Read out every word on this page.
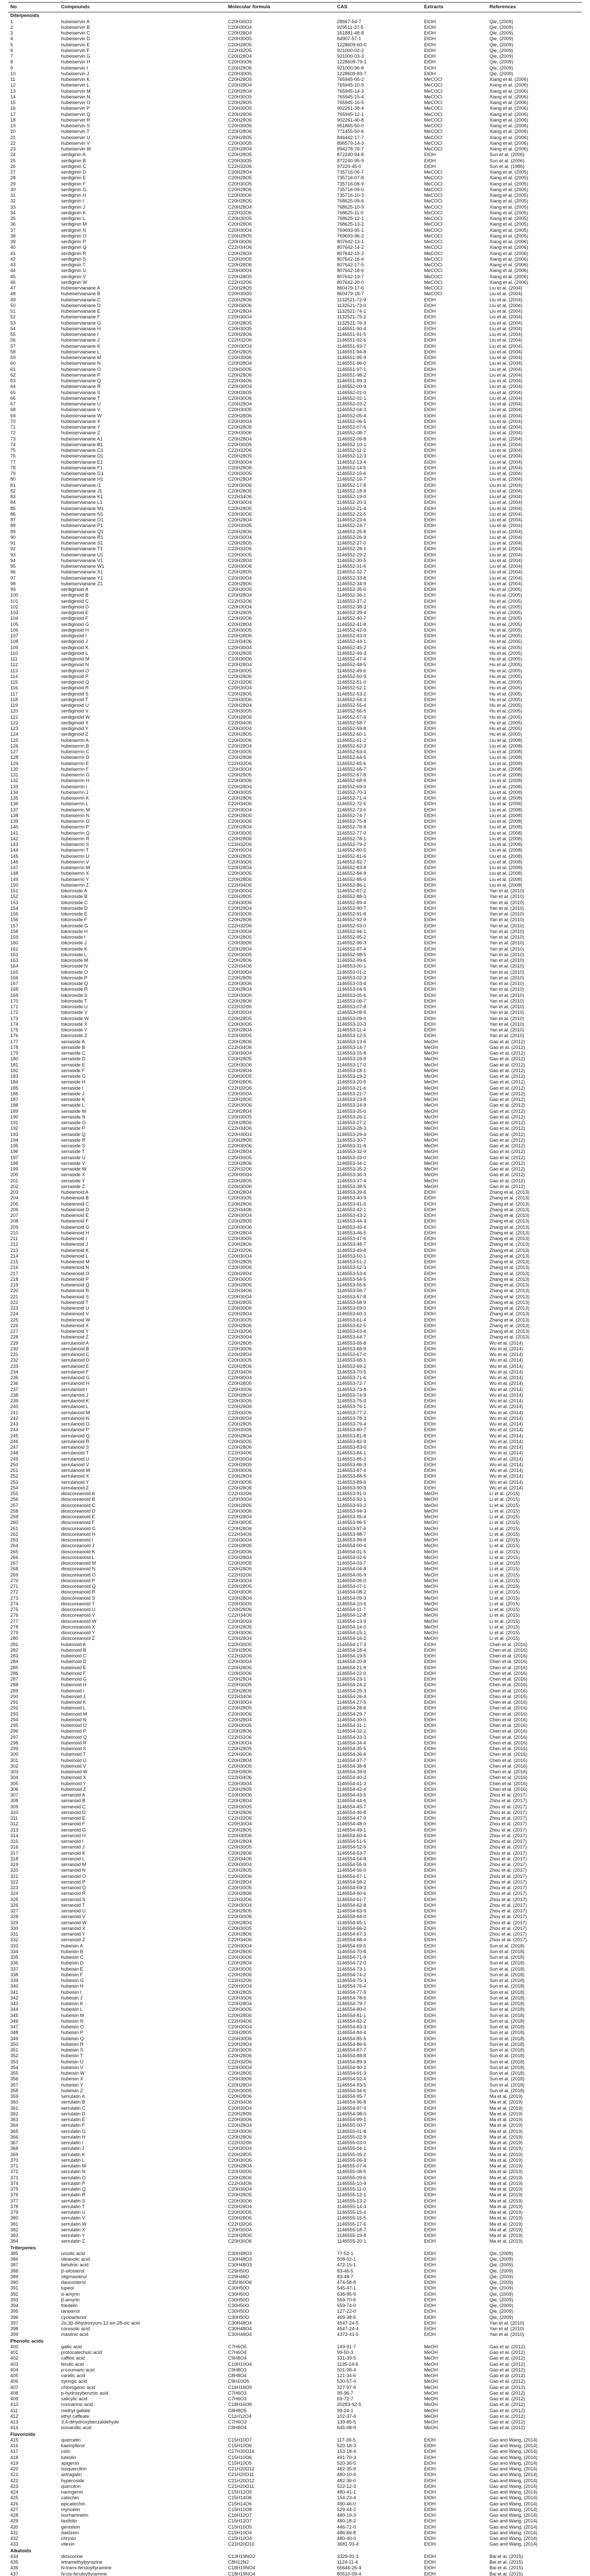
No	Compounds	Molecular formula	CAS	Extracts	References
Diterpenoids					
1	hubeiservin A	C20H30O3	28667-54-7	EtOH	Qie, (2009)
2	hubeiservin B	C20H30O4	929511-37-5	EtOH	Qie, (2009)
3	hubeiservin C	C20H28O4	161881-48-8	EtOH	Qie, (2009)
4	hubeiservin D	C20H30O5	84907-57-1	EtOH	Qie, (2009)
5	hubeiservin E	C20H28O5	1228609-60-0	EtOH	Qie, (2009)
6	hubeiservin F	C22H32O5	921000-02-2	EtOH	Qie, (2009)
7	hubeiservin G	C20H28O4	921000-03-3	EtOH	Qie, (2009)
8	hubeiservin H	C20H30O6	1228609-79-1	EtOH	Qie, (2009)
9	hubeiservin I	C20H28O6	921000-96-8	EtOH	Qie, (2009)
10	hubeiservin J	C20H30O5	1228609-83-7	EtOH	Qie, (2009)
11	hubeiservin K	C20H28O5	765945-05-2	MeCOCl	Xiang et al. (2006)
12	hubeiservin L	C20H28O4	765945-10-9	MeCOCl	Xiang et al. (2006)
13	hubeiservin M	C20H28O4	765945-14-3	MeCOCl	Xiang et al. (2006)
14	hubeiservin N	C20H30O5	765945-15-4	MeCOCl	Xiang et al. (2006)
15	hubeiservin O	C20H28O5	765945-16-5	MeCOCl	Xiang et al. (2006)
16	hubeiservin P	C20H30O5	902261-38-4	MeCOCl	Xiang et al. (2006)
17	hubeiservin Q	C20H28O6	765945-12-1	MeCOCl	Xiang et al. (2006)
18	hubeiservin R	C20H28O6	902261-40-8	MeCOCl	Xiang et al. (2006)
19	hubeiservin S	C20H30O6	951865-50-0	MeCOCl	Xiang et al. (2006)
20	hubeiservin T	C20H28O6	771455-50-6	MeCOCl	Xiang et al. (2006)
21	hubeiservin U	C20H28O5	846442-17-7	MeCOCl	Xiang et al. (2006)
22	hubeiservin V	C20H30O5	896579-14-3	MeCOCl	Xiang et al. (2006)
23	hubeiservin W	C20H28O4	894278-78-7	MeCOCl	Xiang et al. (2006)
24	serdiginin A	C20H28O5	872240-94-8	EtOH	Sun et al. (2006)
25	serdiginin B	C20H30O5	872240-95-9	EtOH	Sun et al. (2006)
26	serdiginin C	C22H32O6	97220-45-0	EtOH	Sun et al. (1986)
27	serdiginin D	C20H28O4	735716-06-7	MeCOCl	Xiang et al. (2005)
28	serdiginin E	C20H28O5	735716-07-8	MeCOCl	Xiang et al. (2005)
29	serdiginin F	C20H30O5	735716-08-9	MeCOCl	Xiang et al. (2005)
30	serdiginin G	C20H28O6	735716-09-0	MeCOCl	Xiang et al. (2005)
31	serdiginin H	C20H30O6	735716-10-3	MeCOCl	Xiang et al. (2005)
32	serdiginin I	C20H28O5	768625-09-6	MeCOCl	Xiang et al. (2005)
33	serdiginin J	C20H28O4	768625-10-9	MeCOCl	Xiang et al. (2005)
34	serdiginin K	C22H32O6	768625-11-0	MeCOCl	Xiang et al. (2005)
35	serdiginin L	C20H30O5	768625-12-1	MeCOCl	Xiang et al. (2005)
36	serdiginin M	C20H28O6	768625-13-2	MeCOCl	Xiang et al. (2005)
37	serdiginin N	C20H30O4	769693-95-1	MeCOCl	Xiang et al. (2005)
38	serdiginin O	C20H28O5	769693-96-2	MeCOCl	Xiang et al. (2005)
39	serdiginin P	C20H30O6	807642-13-1	MeCOCl	Xiang et al. (2006)
40	serdiginin Q	C22H34O6	807642-14-2	MeCOCl	Xiang et al. (2006)
41	serdiginin R	C20H28O4	807642-15-3	MeCOCl	Xiang et al. (2006)
42	serdiginin S	C20H30O5	807642-16-4	MeCOCl	Xiang et al. (2006)
43	serdiginin T	C20H28O6	807642-17-5	MeCOCl	Xiang et al. (2006)
44	serdiginin U	C20H30O4	807642-18-6	MeCOCl	Xiang et al. (2006)
45	serdiginin V	C20H28O5	807642-19-7	MeCOCl	Xiang et al. (2006)
46	serdiginin W	C22H32O6	807642-20-0	MeCOCl	Xiang et al. (2006)
47	hubeiservianane A	C20H28O5	860479-17-6	MeCOCl	Liu et al. (2004)
48	hubeiservianane B	C20H30O5	860479-18-7	MeCOCl	Liu et al. (2004)
49	hubeiservianane C	C20H28O6	1132521-72-9	EtOH	Liu et al. (2004)
50	hubeiservianane D	C20H30O6	1132521-73-0	EtOH	Liu et al. (2004)
51	hubeiservianane E	C20H28O4	1132521-74-1	EtOH	Liu et al. (2004)
52	hubeiservianane F	C20H30O4	1132521-75-2	EtOH	Liu et al. (2004)
53	hubeiservianane G	C20H28O5	1132521-76-3	EtOH	Liu et al. (2004)
54	hubeiservianane H	C20H30O5	1146551-90-4	EtOH	Liu et al. (2004)
55	hubeiservianane I	C20H28O6	1146551-91-5	EtOH	Liu et al. (2004)
56	hubeiservianane J	C22H32O6	1146551-92-6	EtOH	Liu et al. (2004)
57	hubeiservianane K	C20H30O4	1146551-93-7	EtOH	Liu et al. (2004)
58	hubeiservianane L	C20H28O5	1146551-94-8	EtOH	Liu et al. (2004)
59	hubeiservianane M	C20H30O6	1146551-95-9	EtOH	Liu et al. (2004)
60	hubeiservianane N	C20H28O4	1146551-96-0	EtOH	Liu et al. (2004)
61	hubeiservianane O	C20H30O5	1146551-97-1	EtOH	Liu et al. (2004)
62	hubeiservianane P	C20H28O6	1146551-98-2	EtOH	Liu et al. (2004)
63	hubeiservianane Q	C22H34O6	1146551-99-3	EtOH	Liu et al. (2004)
64	hubeiservianane R	C20H30O4	1146552-00-9	EtOH	Liu et al. (2004)
65	hubeiservianane S	C20H28O5	1146552-01-0	EtOH	Liu et al. (2004)
66	hubeiservianane T	C20H30O6	1146552-02-1	EtOH	Liu et al. (2004)
67	hubeiservianane U	C20H28O4	1146552-03-2	EtOH	Liu et al. (2004)
68	hubeiservianane V	C20H30O5	1146552-04-3	EtOH	Liu et al. (2004)
69	hubeiservianane W	C20H28O6	1146552-05-4	EtOH	Liu et al. (2004)
70	hubeiservianane X	C20H30O4	1146552-06-5	EtOH	Liu et al. (2004)
71	hubeiservianane Y	C20H28O5	1146552-07-6	EtOH	Liu et al. (2004)
72	hubeiservianane Z	C20H30O6	1146552-08-7	EtOH	Liu et al. (2004)
73	hubeiservianane A1	C20H28O4	1146552-09-8	EtOH	Liu et al. (2004)
74	hubeiservianane B1	C20H30O5	1146552-10-1	EtOH	Liu et al. (2004)
75	hubeiservianane C1	C22H32O6	1146552-11-2	EtOH	Liu et al. (2004)
76	hubeiservianane D1	C20H28O5	1146552-12-3	EtOH	Liu et al. (2004)
77	hubeiservianane E1	C20H30O4	1146552-13-4	EtOH	Liu et al. (2004)
78	hubeiservianane F1	C20H28O6	1146552-14-5	EtOH	Liu et al. (2004)
79	hubeiservianane G1	C20H30O5	1146552-15-6	EtOH	Liu et al. (2004)
80	hubeiservianane H1	C20H28O4	1146552-16-7	EtOH	Liu et al. (2004)
81	hubeiservianane I1	C20H30O6	1146552-17-8	EtOH	Liu et al. (2004)
82	hubeiservianane J1	C20H28O5	1146552-18-9	EtOH	Liu et al. (2004)
83	hubeiservianane K1	C22H34O6	1146552-19-0	EtOH	Liu et al. (2004)
84	hubeiservianane L1	C20H30O4	1146552-20-3	EtOH	Liu et al. (2004)
85	hubeiservianane M1	C20H28O5	1146552-21-4	EtOH	Liu et al. (2004)
86	hubeiservianane N1	C20H30O6	1146552-22-5	EtOH	Liu et al. (2004)
87	hubeiservianane O1	C20H28O4	1146552-23-6	EtOH	Liu et al. (2004)
88	hubeiservianane P1	C20H30O5	1146552-24-7	EtOH	Liu et al. (2004)
89	hubeiservianane Q1	C20H28O6	1146552-25-8	EtOH	Liu et al. (2004)
90	hubeiservianane R1	C20H30O4	1146552-26-9	EtOH	Liu et al. (2004)
91	hubeiservianane S1	C20H28O5	1146552-27-0	EtOH	Liu et al. (2004)
92	hubeiservianane T1	C22H32O6	1146552-28-1	EtOH	Liu et al. (2004)
93	hubeiservianane U1	C20H30O5	1146552-29-2	EtOH	Liu et al. (2004)
94	hubeiservianane V1	C20H28O4	1146552-30-5	EtOH	Liu et al. (2004)
95	hubeiservianane W1	C20H30O6	1146552-31-6	EtOH	Liu et al. (2004)
96	hubeiservianane X1	C20H28O5	1146552-32-7	EtOH	Liu et al. (2004)
97	hubeiservianane Y1	C20H30O4	1146552-33-8	EtOH	Liu et al. (2004)
98	hubeiservianane Z1	C20H28O6	1146552-34-9	EtOH	Liu et al. (2004)
99	serdiginoid A	C20H30O5	1146552-35-0	EtOH	Hu et al. (2005)
100	serdiginoid B	C20H28O4	1146552-36-1	EtOH	Hu et al. (2005)
101	serdiginoid C	C22H32O6	1146552-37-2	EtOH	Hu et al. (2005)
102	serdiginoid D	C20H30O4	1146552-38-3	EtOH	Hu et al. (2005)
103	serdiginoid E	C20H28O5	1146552-39-4	EtOH	Hu et al. (2005)
104	serdiginoid F	C20H30O6	1146552-40-7	EtOH	Hu et al. (2005)
105	serdiginoid G	C20H28O4	1146552-41-8	EtOH	Hu et al. (2005)
106	serdiginoid H	C20H30O5	1146552-42-9	EtOH	Hu et al. (2005)
107	serdiginoid I	C20H28O6	1146552-43-0	EtOH	Hu et al. (2005)
108	serdiginoid J	C22H34O6	1146552-44-1	EtOH	Hu et al. (2005)
109	serdiginoid K	C20H30O4	1146552-45-2	EtOH	Hu et al. (2005)
110	serdiginoid L	C20H28O5	1146552-46-3	EtOH	Hu et al. (2005)
111	serdiginoid M	C20H30O6	1146552-47-4	EtOH	Hu et al. (2005)
112	serdiginoid N	C20H28O4	1146552-48-5	EtOH	Hu et al. (2005)
113	serdiginoid O	C20H30O5	1146552-49-6	EtOH	Hu et al. (2005)
114	serdiginoid P	C20H28O6	1146552-50-9	EtOH	Hu et al. (2005)
115	serdiginoid Q	C22H32O6	1146552-51-0	EtOH	Hu et al. (2005)
116	serdiginoid R	C20H30O4	1146552-52-1	EtOH	Hu et al. (2005)
117	serdiginoid S	C20H28O5	1146552-53-2	EtOH	Hu et al. (2005)
118	serdiginoid T	C20H30O6	1146552-54-3	EtOH	Hu et al. (2005)
119	serdiginoid U	C20H28O4	1146552-55-4	EtOH	Hu et al. (2005)
120	serdiginoid V	C20H30O5	1146552-56-5	EtOH	Hu et al. (2005)
121	serdiginoid W	C20H28O6	1146552-57-6	EtOH	Hu et al. (2005)
122	serdiginoid X	C22H34O6	1146552-58-7	EtOH	Hu et al. (2005)
123	serdiginoid Y	C20H30O4	1146552-59-8	EtOH	Hu et al. (2005)
124	serdiginoid Z	C20H28O5	1146552-60-1	EtOH	Hu et al. (2005)
125	hubeiserrin A	C20H30O6	1146552-61-2	EtOH	Liu et al. (2008)
126	hubeiserrin B	C20H28O4	1146552-62-3	EtOH	Liu et al. (2008)
127	hubeiserrin C	C20H30O5	1146552-63-4	EtOH	Liu et al. (2008)
128	hubeiserrin D	C20H28O6	1146552-64-5	EtOH	Liu et al. (2008)
129	hubeiserrin E	C22H32O6	1146552-65-6	EtOH	Liu et al. (2008)
130	hubeiserrin F	C20H30O4	1146552-66-7	EtOH	Liu et al. (2008)
131	hubeiserrin G	C20H28O5	1146552-67-8	EtOH	Liu et al. (2008)
132	hubeiserrin H	C20H30O6	1146552-68-9	EtOH	Liu et al. (2008)
133	hubeiserrin I	C20H28O4	1146552-69-0	EtOH	Liu et al. (2008)
134	hubeiserrin J	C20H30O5	1146552-70-3	EtOH	Liu et al. (2008)
135	hubeiserrin K	C20H28O6	1146552-71-4	EtOH	Liu et al. (2008)
136	hubeiserrin L	C22H34O6	1146552-72-5	EtOH	Liu et al. (2008)
137	hubeiserrin M	C20H30O4	1146552-73-6	EtOH	Liu et al. (2008)
138	hubeiserrin N	C20H28O5	1146552-74-7	EtOH	Liu et al. (2008)
139	hubeiserrin O	C20H30O6	1146552-75-8	EtOH	Liu et al. (2008)
140	hubeiserrin P	C20H28O4	1146552-76-9	EtOH	Liu et al. (2008)
141	hubeiserrin Q	C20H30O5	1146552-77-0	EtOH	Liu et al. (2008)
142	hubeiserrin R	C20H28O6	1146552-78-1	EtOH	Liu et al. (2008)
143	hubeiserrin S	C22H32O6	1146552-79-2	EtOH	Liu et al. (2008)
144	hubeiserrin T	C20H30O4	1146552-80-5	EtOH	Liu et al. (2008)
145	hubeiserrin U	C20H28O5	1146552-81-6	EtOH	Liu et al. (2008)
146	hubeiserrin V	C20H30O6	1146552-82-7	EtOH	Liu et al. (2008)
147	hubeiserrin W	C20H28O4	1146552-83-8	EtOH	Liu et al. (2008)
148	hubeiserrin X	C20H30O5	1146552-84-9	EtOH	Liu et al. (2008)
149	hubeiserrin Y	C20H28O6	1146552-85-0	EtOH	Liu et al. (2008)
150	hubeiserrin Z	C22H34O6	1146552-86-1	EtOH	Liu et al. (2008)
151	tokoroside A	C20H30O4	1146552-87-2	EtOH	Yan et al. (2010)
152	tokoroside B	C20H28O5	1146552-88-3	EtOH	Yan et al. (2010)
153	tokoroside C	C20H30O6	1146552-89-4	EtOH	Yan et al. (2010)
154	tokoroside D	C20H28O4	1146552-90-7	EtOH	Yan et al. (2010)
155	tokoroside E	C20H30O5	1146552-91-8	EtOH	Yan et al. (2010)
156	tokoroside F	C20H28O6	1146552-92-9	EtOH	Yan et al. (2010)
157	tokoroside G	C22H32O6	1146552-93-0	EtOH	Yan et al. (2010)
158	tokoroside H	C20H30O4	1146552-94-1	EtOH	Yan et al. (2010)
159	tokoroside I	C20H28O5	1146552-95-2	EtOH	Yan et al. (2010)
160	tokoroside J	C20H30O6	1146552-96-3	EtOH	Yan et al. (2010)
161	tokoroside K	C20H28O4	1146552-97-4	EtOH	Yan et al. (2010)
162	tokoroside L	C20H30O5	1146552-98-5	EtOH	Yan et al. (2010)
163	tokoroside M	C20H28O6	1146552-99-6	EtOH	Yan et al. (2010)
164	tokoroside N	C22H34O6	1146553-00-1	EtOH	Yan et al. (2010)
165	tokoroside O	C20H30O4	1146553-01-2	EtOH	Yan et al. (2010)
166	tokoroside P	C20H28O5	1146553-02-3	EtOH	Yan et al. (2010)
167	tokoroside Q	C20H30O6	1146553-03-4	EtOH	Yan et al. (2010)
168	tokoroside R	C20H28O4	1146553-04-5	EtOH	Yan et al. (2010)
169	tokoroside S	C20H30O5	1146553-05-6	EtOH	Yan et al. (2010)
170	tokoroside T	C20H28O6	1146553-06-7	EtOH	Yan et al. (2010)
171	tokoroside U	C22H32O6	1146553-07-8	EtOH	Yan et al. (2010)
172	tokoroside V	C20H30O4	1146553-08-9	EtOH	Yan et al. (2010)
173	tokoroside W	C20H28O5	1146553-09-0	EtOH	Yan et al. (2010)
174	tokoroside X	C20H30O6	1146553-10-3	EtOH	Yan et al. (2010)
175	tokoroside Y	C20H28O4	1146553-11-4	EtOH	Yan et al. (2010)
176	tokoroside Z	C20H30O5	1146553-12-5	EtOH	Yan et al. (2010)
177	serraside A	C20H28O6	1146553-13-6	MeOH	Gao et al. (2012)
178	serraside B	C22H34O6	1146553-14-7	MeOH	Gao et al. (2012)
179	serraside C	C20H30O4	1146553-15-8	MeOH	Gao et al. (2012)
180	serraside D	C20H28O5	1146553-16-9	MeOH	Gao et al. (2012)
181	serraside E	C20H30O6	1146553-17-0	MeOH	Gao et al. (2012)
182	serraside F	C20H28O4	1146553-18-1	MeOH	Gao et al. (2012)
183	serraside G	C20H30O5	1146553-19-2	MeOH	Gao et al. (2012)
184	serraside H	C20H28O6	1146553-20-5	MeOH	Gao et al. (2012)
185	serraside I	C22H32O6	1146553-21-6	MeOH	Gao et al. (2012)
186	serraside J	C20H30O4	1146553-22-7	MeOH	Gao et al. (2012)
187	serraside K	C20H28O5	1146553-23-8	MeOH	Gao et al. (2012)
188	serraside L	C20H30O6	1146553-24-9	MeOH	Gao et al. (2012)
189	serraside M	C20H28O4	1146553-25-0	MeOH	Gao et al. (2012)
190	serraside N	C20H30O5	1146553-26-1	MeOH	Gao et al. (2012)
191	serraside O	C20H28O6	1146553-27-2	MeOH	Gao et al. (2012)
192	serraside P	C22H34O6	1146553-28-3	MeOH	Gao et al. (2012)
193	serraside Q	C20H30O4	1146553-29-4	MeOH	Gao et al. (2012)
194	serraside R	C20H28O5	1146553-30-7	MeOH	Gao et al. (2012)
195	serraside S	C20H30O6	1146553-31-8	MeOH	Gao et al. (2012)
196	serraside T	C20H28O4	1146553-32-9	MeOH	Gao et al. (2012)
197	serraside U	C20H30O5	1146553-33-0	MeOH	Gao et al. (2012)
198	serraside V	C20H28O6	1146553-34-1	MeOH	Gao et al. (2012)
199	serraside W	C22H32O6	1146553-35-2	MeOH	Gao et al. (2012)
200	serraside X	C20H30O4	1146553-36-3	MeOH	Gao et al. (2012)
201	serraside Y	C20H28O5	1146553-37-4	MeOH	Gao et al. (2012)
202	serraside Z	C20H30O6	1146553-38-5	MeOH	Gao et al. (2012)
203	hubeienoid A	C20H28O4	1146553-39-6	EtOH	Zhang et al. (2013)
204	hubeienoid B	C20H30O5	1146553-40-9	EtOH	Zhang et al. (2013)
205	hubeienoid C	C20H28O6	1146553-41-0	EtOH	Zhang et al. (2013)
206	hubeienoid D	C22H34O6	1146553-42-1	EtOH	Zhang et al. (2013)
207	hubeienoid E	C20H30O4	1146553-43-2	EtOH	Zhang et al. (2013)
208	hubeienoid F	C20H28O5	1146553-44-3	EtOH	Zhang et al. (2013)
209	hubeienoid G	C20H30O6	1146553-45-4	EtOH	Zhang et al. (2013)
210	hubeienoid H	C20H28O4	1146553-46-5	EtOH	Zhang et al. (2013)
211	hubeienoid I	C20H30O5	1146553-47-6	EtOH	Zhang et al. (2013)
212	hubeienoid J	C20H28O6	1146553-48-7	EtOH	Zhang et al. (2013)
213	hubeienoid K	C22H32O6	1146553-49-8	EtOH	Zhang et al. (2013)
214	hubeienoid L	C20H30O4	1146553-50-1	EtOH	Zhang et al. (2013)
215	hubeienoid M	C20H28O5	1146553-51-2	EtOH	Zhang et al. (2013)
216	hubeienoid N	C20H30O6	1146553-52-3	EtOH	Zhang et al. (2013)
217	hubeienoid O	C20H28O4	1146553-53-4	EtOH	Zhang et al. (2013)
218	hubeienoid P	C20H30O5	1146553-54-5	EtOH	Zhang et al. (2013)
219	hubeienoid Q	C20H28O6	1146553-55-6	EtOH	Zhang et al. (2013)
220	hubeienoid R	C22H34O6	1146553-56-7	EtOH	Zhang et al. (2013)
221	hubeienoid S	C20H30O4	1146553-57-8	EtOH	Zhang et al. (2013)
222	hubeienoid T	C20H28O5	1146553-58-9	EtOH	Zhang et al. (2013)
223	hubeienoid U	C20H30O6	1146553-59-0	EtOH	Zhang et al. (2013)
224	hubeienoid V	C20H28O4	1146553-60-3	EtOH	Zhang et al. (2013)
225	hubeienoid W	C20H30O5	1146553-61-4	EtOH	Zhang et al. (2013)
226	hubeienoid X	C20H28O6	1146553-62-5	EtOH	Zhang et al. (2013)
227	hubeienoid Y	C22H32O6	1146553-63-6	EtOH	Zhang et al. (2013)
228	hubeienoid Z	C20H30O4	1146553-64-7	EtOH	Zhang et al. (2013)
229	serrulanoid A	C20H28O5	1146553-65-8	EtOH	Wu et al. (2014)
230	serrulanoid B	C20H30O6	1146553-66-9	EtOH	Wu et al. (2014)
231	serrulanoid C	C20H28O4	1146553-67-0	EtOH	Wu et al. (2014)
232	serrulanoid D	C20H30O5	1146553-68-1	EtOH	Wu et al. (2014)
233	serrulanoid E	C20H28O6	1146553-69-2	EtOH	Wu et al. (2014)
234	serrulanoid F	C22H34O6	1146553-70-5	EtOH	Wu et al. (2014)
235	serrulanoid G	C20H30O4	1146553-71-6	EtOH	Wu et al. (2014)
236	serrulanoid H	C20H28O5	1146553-72-7	EtOH	Wu et al. (2014)
237	serrulanoid I	C20H30O6	1146553-73-8	EtOH	Wu et al. (2014)
238	serrulanoid J	C20H28O4	1146553-74-9	EtOH	Wu et al. (2014)
239	serrulanoid K	C20H30O5	1146553-75-0	EtOH	Wu et al. (2014)
240	serrulanoid L	C20H28O6	1146553-76-1	EtOH	Wu et al. (2014)
241	serrulanoid M	C22H32O6	1146553-77-2	EtOH	Wu et al. (2014)
242	serrulanoid N	C20H30O4	1146553-78-3	EtOH	Wu et al. (2014)
243	serrulanoid O	C20H28O5	1146553-79-4	EtOH	Wu et al. (2014)
244	serrulanoid P	C20H30O6	1146553-80-7	EtOH	Wu et al. (2014)
245	serrulanoid Q	C20H28O4	1146553-81-8	EtOH	Wu et al. (2014)
246	serrulanoid R	C20H30O5	1146553-82-9	EtOH	Wu et al. (2014)
247	serrulanoid S	C20H28O6	1146553-83-0	EtOH	Wu et al. (2014)
248	serrulanoid T	C22H34O6	1146553-84-1	EtOH	Wu et al. (2014)
249	serrulanoid U	C20H30O4	1146553-85-2	EtOH	Wu et al. (2014)
250	serrulanoid V	C20H28O5	1146553-86-3	EtOH	Wu et al. (2014)
251	serrulanoid W	C20H30O6	1146553-87-4	EtOH	Wu et al. (2014)
252	serrulanoid X	C20H28O4	1146553-88-5	EtOH	Wu et al. (2014)
253	serrulanoid Y	C20H30O5	1146553-89-6	EtOH	Wu et al. (2014)
254	serrulanoid Z	C20H28O6	1146553-90-9	EtOH	Wu et al. (2014)
255	dioscoreanoid A	C22H32O6	1146553-91-0	MeOH	Li et al. (2015)
256	dioscoreanoid B	C20H30O4	1146553-92-1	MeOH	Li et al. (2015)
257	dioscoreanoid C	C20H28O5	1146553-93-2	MeOH	Li et al. (2015)
258	dioscoreanoid D	C20H30O6	1146553-94-3	MeOH	Li et al. (2015)
259	dioscoreanoid E	C20H28O4	1146553-95-4	MeOH	Li et al. (2015)
260	dioscoreanoid F	C20H30O5	1146553-96-5	MeOH	Li et al. (2015)
261	dioscoreanoid G	C20H28O6	1146553-97-6	MeOH	Li et al. (2015)
262	dioscoreanoid H	C22H34O6	1146553-98-7	MeOH	Li et al. (2015)
263	dioscoreanoid I	C20H30O4	1146553-99-8	MeOH	Li et al. (2015)
264	dioscoreanoid J	C20H28O5	1146554-00-4	MeOH	Li et al. (2015)
265	dioscoreanoid K	C20H30O6	1146554-01-5	MeOH	Li et al. (2015)
266	dioscoreanoid L	C20H28O4	1146554-02-6	MeOH	Li et al. (2015)
267	dioscoreanoid M	C20H30O5	1146554-03-7	MeOH	Li et al. (2015)
268	dioscoreanoid N	C20H28O6	1146554-04-8	MeOH	Li et al. (2015)
269	dioscoreanoid O	C22H32O6	1146554-05-9	MeOH	Li et al. (2015)
270	dioscoreanoid P	C20H30O4	1146554-06-0	MeOH	Li et al. (2015)
271	dioscoreanoid Q	C20H28O5	1146554-07-1	MeOH	Li et al. (2015)
272	dioscoreanoid R	C20H30O6	1146554-08-2	MeOH	Li et al. (2015)
273	dioscoreanoid S	C20H28O4	1146554-09-3	MeOH	Li et al. (2015)
274	dioscoreanoid T	C20H30O5	1146554-10-6	MeOH	Li et al. (2015)
275	dioscoreanoid U	C20H28O6	1146554-11-7	MeOH	Li et al. (2015)
276	dioscoreanoid V	C22H34O6	1146554-12-8	MeOH	Li et al. (2015)
277	dioscoreanoid W	C20H30O4	1146554-13-9	MeOH	Li et al. (2015)
278	dioscoreanoid X	C20H28O5	1146554-14-0	MeOH	Li et al. (2015)
279	dioscoreanoid Y	C20H30O6	1146554-15-1	MeOH	Li et al. (2015)
280	dioscoreanoid Z	C20H28O4	1146554-16-2	MeOH	Li et al. (2015)
281	hubeinoid A	C20H30O5	1146554-17-3	EtOH	Chen et al. (2016)
282	hubeinoid B	C20H28O6	1146554-18-4	EtOH	Chen et al. (2016)
283	hubeinoid C	C22H32O6	1146554-19-5	EtOH	Chen et al. (2016)
284	hubeinoid D	C20H30O4	1146554-20-8	EtOH	Chen et al. (2016)
285	hubeinoid E	C20H28O5	1146554-21-9	EtOH	Chen et al. (2016)
286	hubeinoid F	C20H30O6	1146554-22-0	EtOH	Chen et al. (2016)
287	hubeinoid G	C20H28O4	1146554-23-1	EtOH	Chen et al. (2016)
288	hubeinoid H	C20H30O5	1146554-24-2	EtOH	Chen et al. (2016)
289	hubeinoid I	C20H28O6	1146554-25-3	EtOH	Chen et al. (2016)
290	hubeinoid J	C22H34O6	1146554-26-4	EtOH	Chen et al. (2016)
291	hubeinoid K	C20H30O4	1146554-27-5	EtOH	Chen et al. (2016)
292	hubeinoid L	C20H28O5	1146554-28-6	EtOH	Chen et al. (2016)
293	hubeinoid M	C20H30O6	1146554-29-7	EtOH	Chen et al. (2016)
294	hubeinoid N	C20H28O4	1146554-30-0	EtOH	Chen et al. (2016)
295	hubeinoid O	C20H30O5	1146554-31-1	EtOH	Chen et al. (2016)
296	hubeinoid P	C20H28O6	1146554-32-2	EtOH	Chen et al. (2016)
297	hubeinoid Q	C22H32O6	1146554-33-3	EtOH	Chen et al. (2016)
298	hubeinoid R	C20H30O4	1146554-34-4	EtOH	Chen et al. (2016)
299	hubeinoid S	C20H28O5	1146554-35-5	EtOH	Chen et al. (2016)
300	hubeinoid T	C20H30O6	1146554-36-6	EtOH	Chen et al. (2016)
301	hubeinoid U	C20H28O4	1146554-37-7	EtOH	Chen et al. (2016)
302	hubeinoid V	C20H30O5	1146554-38-8	EtOH	Chen et al. (2016)
303	hubeinoid W	C20H28O6	1146554-39-9	EtOH	Chen et al. (2016)
304	hubeinoid X	C22H34O6	1146554-40-2	EtOH	Chen et al. (2016)
305	hubeinoid Y	C20H30O4	1146554-41-3	EtOH	Chen et al. (2016)
306	hubeinoid Z	C20H28O5	1146554-42-4	EtOH	Chen et al. (2016)
307	serranoid A	C20H30O6	1146554-43-5	EtOH	Zhou et al. (2017)
308	serranoid B	C20H28O4	1146554-44-6	EtOH	Zhou et al. (2017)
309	serranoid C	C20H30O5	1146554-45-7	EtOH	Zhou et al. (2017)
310	serranoid D	C20H28O6	1146554-46-8	EtOH	Zhou et al. (2017)
311	serranoid E	C22H32O6	1146554-47-9	EtOH	Zhou et al. (2017)
312	serranoid F	C20H30O4	1146554-48-0	EtOH	Zhou et al. (2017)
313	serranoid G	C20H28O5	1146554-49-1	EtOH	Zhou et al. (2017)
314	serranoid H	C20H30O6	1146554-50-4	EtOH	Zhou et al. (2017)
315	serranoid I	C20H28O4	1146554-51-5	EtOH	Zhou et al. (2017)
316	serranoid J	C20H30O5	1146554-52-6	EtOH	Zhou et al. (2017)
317	serranoid K	C20H28O6	1146554-53-7	EtOH	Zhou et al. (2017)
318	serranoid L	C22H34O6	1146554-54-8	EtOH	Zhou et al. (2017)
319	serranoid M	C20H30O4	1146554-55-9	EtOH	Zhou et al. (2017)
320	serranoid N	C20H28O5	1146554-56-0	EtOH	Zhou et al. (2017)
321	serranoid O	C20H30O6	1146554-57-1	EtOH	Zhou et al. (2017)
322	serranoid P	C20H28O4	1146554-58-2	EtOH	Zhou et al. (2017)
323	serranoid Q	C20H30O5	1146554-59-3	EtOH	Zhou et al. (2017)
324	serranoid R	C20H28O6	1146554-60-6	EtOH	Zhou et al. (2017)
325	serranoid S	C22H32O6	1146554-61-7	EtOH	Zhou et al. (2017)
326	serranoid T	C20H30O4	1146554-62-8	EtOH	Zhou et al. (2017)
327	serranoid U	C20H28O5	1146554-63-9	EtOH	Zhou et al. (2017)
328	serranoid V	C20H30O6	1146554-64-0	EtOH	Zhou et al. (2017)
329	serranoid W	C20H28O4	1146554-65-1	EtOH	Zhou et al. (2017)
330	serranoid X	C20H30O5	1146554-66-2	EtOH	Zhou et al. (2017)
331	serranoid Y	C20H28O6	1146554-67-3	EtOH	Zhou et al. (2017)
332	serranoid Z	C22H34O6	1146554-68-4	EtOH	Zhou et al. (2017)
333	hubeisin A	C20H30O4	1146554-69-5	EtOH	Sun et al. (2018)
334	hubeisin B	C20H28O5	1146554-70-8	EtOH	Sun et al. (2018)
335	hubeisin C	C20H30O6	1146554-71-9	EtOH	Sun et al. (2018)
336	hubeisin D	C20H28O4	1146554-72-0	EtOH	Sun et al. (2018)
337	hubeisin E	C20H30O5	1146554-73-1	EtOH	Sun et al. (2018)
338	hubeisin F	C20H28O6	1146554-74-2	EtOH	Sun et al. (2018)
339	hubeisin G	C22H32O6	1146554-75-3	EtOH	Sun et al. (2018)
340	hubeisin H	C20H30O4	1146554-76-4	EtOH	Sun et al. (2018)
341	hubeisin I	C20H28O5	1146554-77-5	EtOH	Sun et al. (2018)
342	hubeisin J	C20H30O6	1146554-78-6	EtOH	Sun et al. (2018)
343	hubeisin K	C20H28O4	1146554-79-7	EtOH	Sun et al. (2018)
344	hubeisin L	C20H30O5	1146554-80-0	EtOH	Sun et al. (2018)
345	hubeisin M	C20H28O6	1146554-81-1	EtOH	Sun et al. (2018)
346	hubeisin N	C22H34O6	1146554-82-2	EtOH	Sun et al. (2018)
347	hubeisin O	C20H30O4	1146554-83-3	EtOH	Sun et al. (2018)
348	hubeisin P	C20H28O5	1146554-84-4	EtOH	Sun et al. (2018)
349	hubeisin Q	C20H30O6	1146554-85-5	EtOH	Sun et al. (2018)
350	hubeisin R	C20H28O4	1146554-86-6	EtOH	Sun et al. (2018)
351	hubeisin S	C20H30O5	1146554-87-7	EtOH	Sun et al. (2018)
352	hubeisin T	C20H28O6	1146554-88-8	EtOH	Sun et al. (2018)
353	hubeisin U	C22H32O6	1146554-89-9	EtOH	Sun et al. (2018)
354	hubeisin V	C20H30O4	1146554-90-2	EtOH	Sun et al. (2018)
355	hubeisin W	C20H28O5	1146554-91-3	EtOH	Sun et al. (2018)
356	hubeisin X	C20H30O6	1146554-92-4	EtOH	Sun et al. (2018)
357	hubeisin Y	C20H28O4	1146554-93-5	EtOH	Sun et al. (2018)
358	hubeisin Z	C20H30O5	1146554-94-6	EtOH	Sun et al. (2018)
359	serrulatin A	C20H28O6	1146554-95-7	EtOH	Ma et al. (2019)
360	serrulatin B	C22H34O6	1146554-96-8	EtOH	Ma et al. (2019)
361	serrulatin C	C20H30O4	1146554-97-9	EtOH	Ma et al. (2019)
362	serrulatin D	C20H28O5	1146554-98-0	EtOH	Ma et al. (2019)
363	serrulatin E	C20H30O6	1146554-99-1	EtOH	Ma et al. (2019)
364	serrulatin F	C20H28O4	1146555-00-7	EtOH	Ma et al. (2019)
365	serrulatin G	C20H30O5	1146555-01-8	EtOH	Ma et al. (2019)
366	serrulatin H	C20H28O6	1146555-02-9	EtOH	Ma et al. (2019)
367	serrulatin I	C22H32O6	1146555-03-0	EtOH	Ma et al. (2019)
368	serrulatin J	C20H30O4	1146555-04-1	EtOH	Ma et al. (2019)
369	serrulatin K	C20H28O5	1146555-05-2	EtOH	Ma et al. (2019)
370	serrulatin L	C20H30O6	1146555-06-3	EtOH	Ma et al. (2019)
371	serrulatin M	C20H28O4	1146555-07-4	EtOH	Ma et al. (2019)
372	serrulatin N	C20H30O5	1146555-08-5	EtOH	Ma et al. (2019)
373	serrulatin O	C20H28O6	1146555-09-6	EtOH	Ma et al. (2019)
374	serrulatin P	C22H34O6	1146555-10-9	EtOH	Ma et al. (2019)
375	serrulatin Q	C20H30O4	1146555-11-0	EtOH	Ma et al. (2019)
376	serrulatin R	C20H28O5	1146555-12-1	EtOH	Ma et al. (2019)
377	serrulatin S	C20H30O6	1146555-13-2	EtOH	Ma et al. (2019)
378	serrulatin T	C20H28O4	1146555-14-3	EtOH	Ma et al. (2019)
379	serrulatin U	C20H30O5	1146555-15-4	EtOH	Ma et al. (2019)
380	serrulatin V	C20H28O6	1146555-16-5	EtOH	Ma et al. (2019)
381	serrulatin W	C22H32O6	1146555-17-6	EtOH	Ma et al. (2019)
382	serrulatin X	C20H30O4	1146555-18-7	EtOH	Ma et al. (2019)
383	serrulatin Y	C20H28O5	1146555-19-8	EtOH	Ma et al. (2019)
384	serrulatin Z	C20H30O6	1146555-20-1	EtOH	Ma et al. (2019)
Triterpenes					
385	ursolic acid	C30H48O3	77-52-1	EtOH	Qie, (2009)
386	oleanolic acid	C30H48O3	508-02-1	EtOH	Qie, (2009)
387	betulinic acid	C30H48O3	472-15-1	EtOH	Qie, (2009)
388	β-sitosterol	C29H50O	83-46-5	EtOH	Qie, (2009)
389	stigmasterol	C29H48O	83-48-7	EtOH	Qie, (2009)
390	daucosterol	C35H60O6	474-58-8	EtOH	Qie, (2009)
391	lupeol	C30H50O	545-47-1	EtOH	Qie, (2009)
392	α-amyrin	C30H50O	638-95-9	EtOH	Qie, (2009)
393	β-amyrin	C30H50O	559-70-6	EtOH	Qie, (2009)
394	friedelin	C30H50O	559-74-0	EtOH	Qie, (2009)
395	taraxerol	C30H50O	127-22-0	EtOH	Qie, (2009)
396	cycloartenol	C30H50O	469-38-5	EtOH	Qie, (2009)
397	2α,3β-dihydroxyurs-12-en-28-oic acid	C30H48O4	4547-24-5	EtOH	Yan et al. (2010)
398	corosolic acid	C30H48O4	4547-24-4	EtOH	Yan et al. (2010)
399	maslinic acid	C30H48O4	4373-41-5	EtOH	Yan et al. (2010)
Phenolic acids					
400	gallic acid	C7H6O5	149-91-7	MeOH	Gao et al. (2012)
401	protocatechuic acid	C7H6O4	99-50-3	MeOH	Gao et al. (2012)
402	caffeic acid	C9H8O4	331-39-5	MeOH	Gao et al. (2012)
403	ferulic acid	C10H10O4	1135-24-6	MeOH	Gao et al. (2012)
404	p-coumaric acid	C9H8O3	501-98-4	MeOH	Gao et al. (2012)
405	vanillic acid	C8H8O4	121-34-6	MeOH	Gao et al. (2012)
406	syringic acid	C9H10O5	530-57-4	MeOH	Gao et al. (2012)
407	chlorogenic acid	C16H18O9	327-97-9	MeOH	Gao et al. (2012)
408	p-hydroxybenzoic acid	C7H6O3	99-96-7	MeOH	Gao et al. (2012)
409	salicylic acid	C7H6O3	69-72-7	MeOH	Gao et al. (2012)
410	rosmarinic acid	C18H16O8	20283-92-5	MeOH	Gao et al. (2012)
411	methyl gallate	C8H8O5	99-24-1	MeOH	Gao et al. (2012)
412	ethyl caffeate	C11H12O4	102-37-4	MeOH	Gao et al. (2012)
413	3,4-dihydroxybenzaldehyde	C7H6O3	139-85-5	MeOH	Gao et al. (2012)
414	isovanillic acid	C8H8O4	645-08-9	MeOH	Gao et al. (2012)
Flavonoids					
415	quercetin	C15H10O7	117-39-5	EtOH	Gao and Wang, (2014)
416	kaempferol	C15H10O6	520-18-3	EtOH	Gao and Wang, (2014)
417	rutin	C27H30O16	153-18-4	EtOH	Gao and Wang, (2014)
418	luteolin	C15H10O6	491-70-3	EtOH	Gao and Wang, (2014)
419	apigenin	C15H10O5	520-36-5	EtOH	Gao and Wang, (2014)
420	isoquercitrin	C21H20O12	482-35-9	EtOH	Gao and Wang, (2014)
421	astragalin	C21H20O11	480-10-4	EtOH	Gao and Wang, (2014)
422	hyperoside	C21H20O12	482-36-0	EtOH	Gao and Wang, (2014)
423	quercitrin	C21H20O11	522-12-3	EtOH	Gao and Wang, (2014)
424	naringenin	C15H12O5	480-41-1	EtOH	Gao and Wang, (2014)
425	catechin	C15H14O6	154-23-4	EtOH	Gao and Wang, (2014)
426	epicatechin	C15H14O6	490-46-0	EtOH	Gao and Wang, (2014)
427	myricetin	C15H10O8	529-44-2	EtOH	Gao and Wang, (2014)
428	isorhamnetin	C16H12O7	480-19-3	EtOH	Gao and Wang, (2014)
429	taxifolin	C15H12O7	480-18-2	EtOH	Gao and Wang, (2014)
430	genistein	C15H10O5	446-72-0	EtOH	Gao and Wang, (2014)
431	daidzein	C15H10O4	486-66-8	EtOH	Gao and Wang, (2014)
432	chrysin	C15H10O4	480-40-0	EtOH	Gao and Wang, (2014)
433	vitexin	C21H20O10	3681-93-4	EtOH	Gao and Wang, (2014)
Alkaloids					
434	dioscorine	C13H19NO2	3329-91-3	EtOH	Bai et al. (2015)
435	tetramethylpyrazine	C8H12N2	1124-11-4	EtOH	Bai et al. (2015)
436	N-trans-feruloyltyramine	C18H19NO4	65646-26-4	EtOH	Bai et al. (2015)
437	N-cis-feruloyltyramine	C18H19NO4	80510-09-4	EtOH	Bai et al. (2015)
